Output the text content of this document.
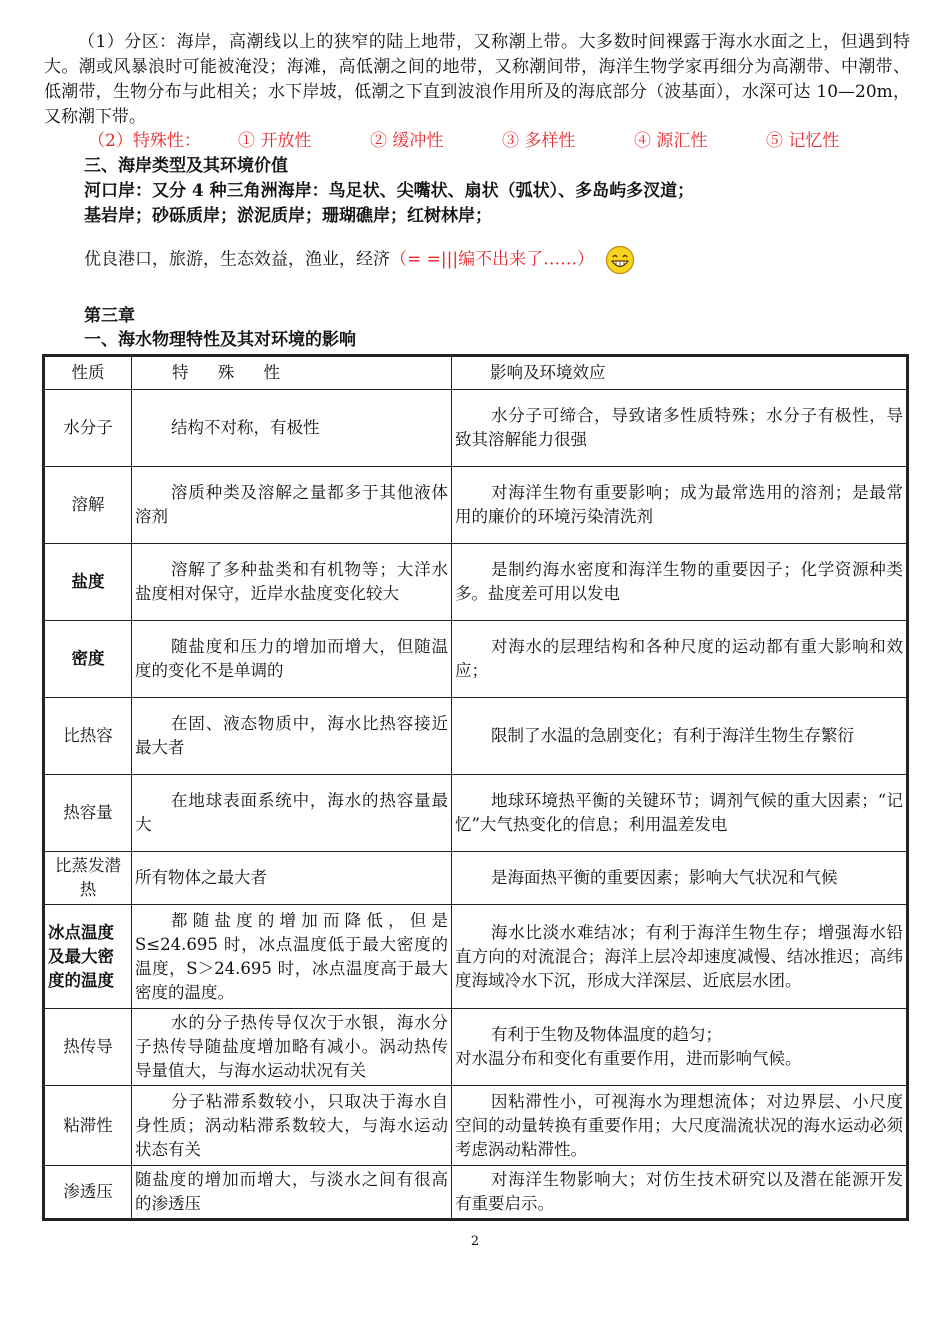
（1）分区：海岸，高潮线以上的狭窄的陆上地带，又称潮上带。大多数时间裸露于海水水面之上，但遇到特大。潮或风暴浪时可能被淹没；海滩，高低潮之间的地带，又称潮间带，海洋生物学家再细分为高潮带、中潮带、低潮带，生物分布与此相关；水下岸坡，低潮之下直到波浪作用所及的海底部分（波基面），水深可达 10—20m，又称潮下带。

（2）特殊性： ① 开放性	② 缓冲性	③ 多样性	④ 源汇性	⑤ 记忆性
三、海岸类型及其环境价值
河口岸：又分 4 种三角洲海岸：鸟足状、尖嘴状、扇状（弧状）、多岛屿多汊道；
基岩岸；砂砾质岸；淤泥质岸；珊瑚礁岸；红树林岸；
优良港口，旅游，生态效益，渔业，经济（= =|||编不出来了……）
第三章
一、海水物理特性及其对环境的影响
性质	特 殊 性	影响及环境效应
水分子	结构不对称，有极性	水分子可缔合，导致诸多性质特殊；水分子有极性，导致其溶解能力很强

溶解	溶质种类及溶解之量都多于其他液体溶剂	对海洋生物有重要影响；成为最常选用的溶剂；是最常用的廉价的环境污染清洗剂

盐度	溶解了多种盐类和有机物等；大洋水盐度相对保守，近岸水盐度变化较大	是制约海水密度和海洋生物的重要因子；化学资源种类多。盐度差可用以发电

密度	随盐度和压力的增加而增大，但随温度的变化不是单调的	对海水的层理结构和各种尺度的运动都有重大影响和效应；

比热容	在固、液态物质中，海水比热容接近最大者	限制了水温的急剧变化；有利于海洋生物生存繁衍

热容量	在地球表面系统中，海水的热容量最大	地球环境热平衡的关键环节；调剂气候的重大因素；“记忆”大气热变化的信息；利用温差发电

比蒸发潜热	所有物体之最大者	是海面热平衡的重要因素；影响大气状况和气候

冰点温度及最大密度的温度	都随盐度的增加而降低，但是 S≤24.695 时，冰点温度低于最大密度的温度，S＞24.695 时，冰点温度高于最大密度的温度。	海水比淡水难结冰；有利于海洋生物生存；增强海水铅直方向的对流混合；海洋上层冷却速度减慢、结冰推迟；高纬度海域冷水下沉，形成大洋深层、近底层水团。

热传导	水的分子热传导仅次于水银，海水分子热传导随盐度增加略有减小。涡动热传导量值大，与海水运动状况有关	有利于生物及物体温度的趋匀；
对水温分布和变化有重要作用，进而影响气候。

粘滞性	分子粘滞系数较小，只取决于海水自身性质；涡动粘滞系数较大，与海水运动状态有关	因粘滞性小，可视海水为理想流体；对边界层、小尺度空间的动量转换有重要作用；大尺度湍流状况的海水运动必须考虑涡动粘滞性。

渗透压	随盐度的增加而增大，与淡水之间有很高的渗透压	对海洋生物影响大；对仿生技术研究以及潜在能源开发有重要启示。

2
